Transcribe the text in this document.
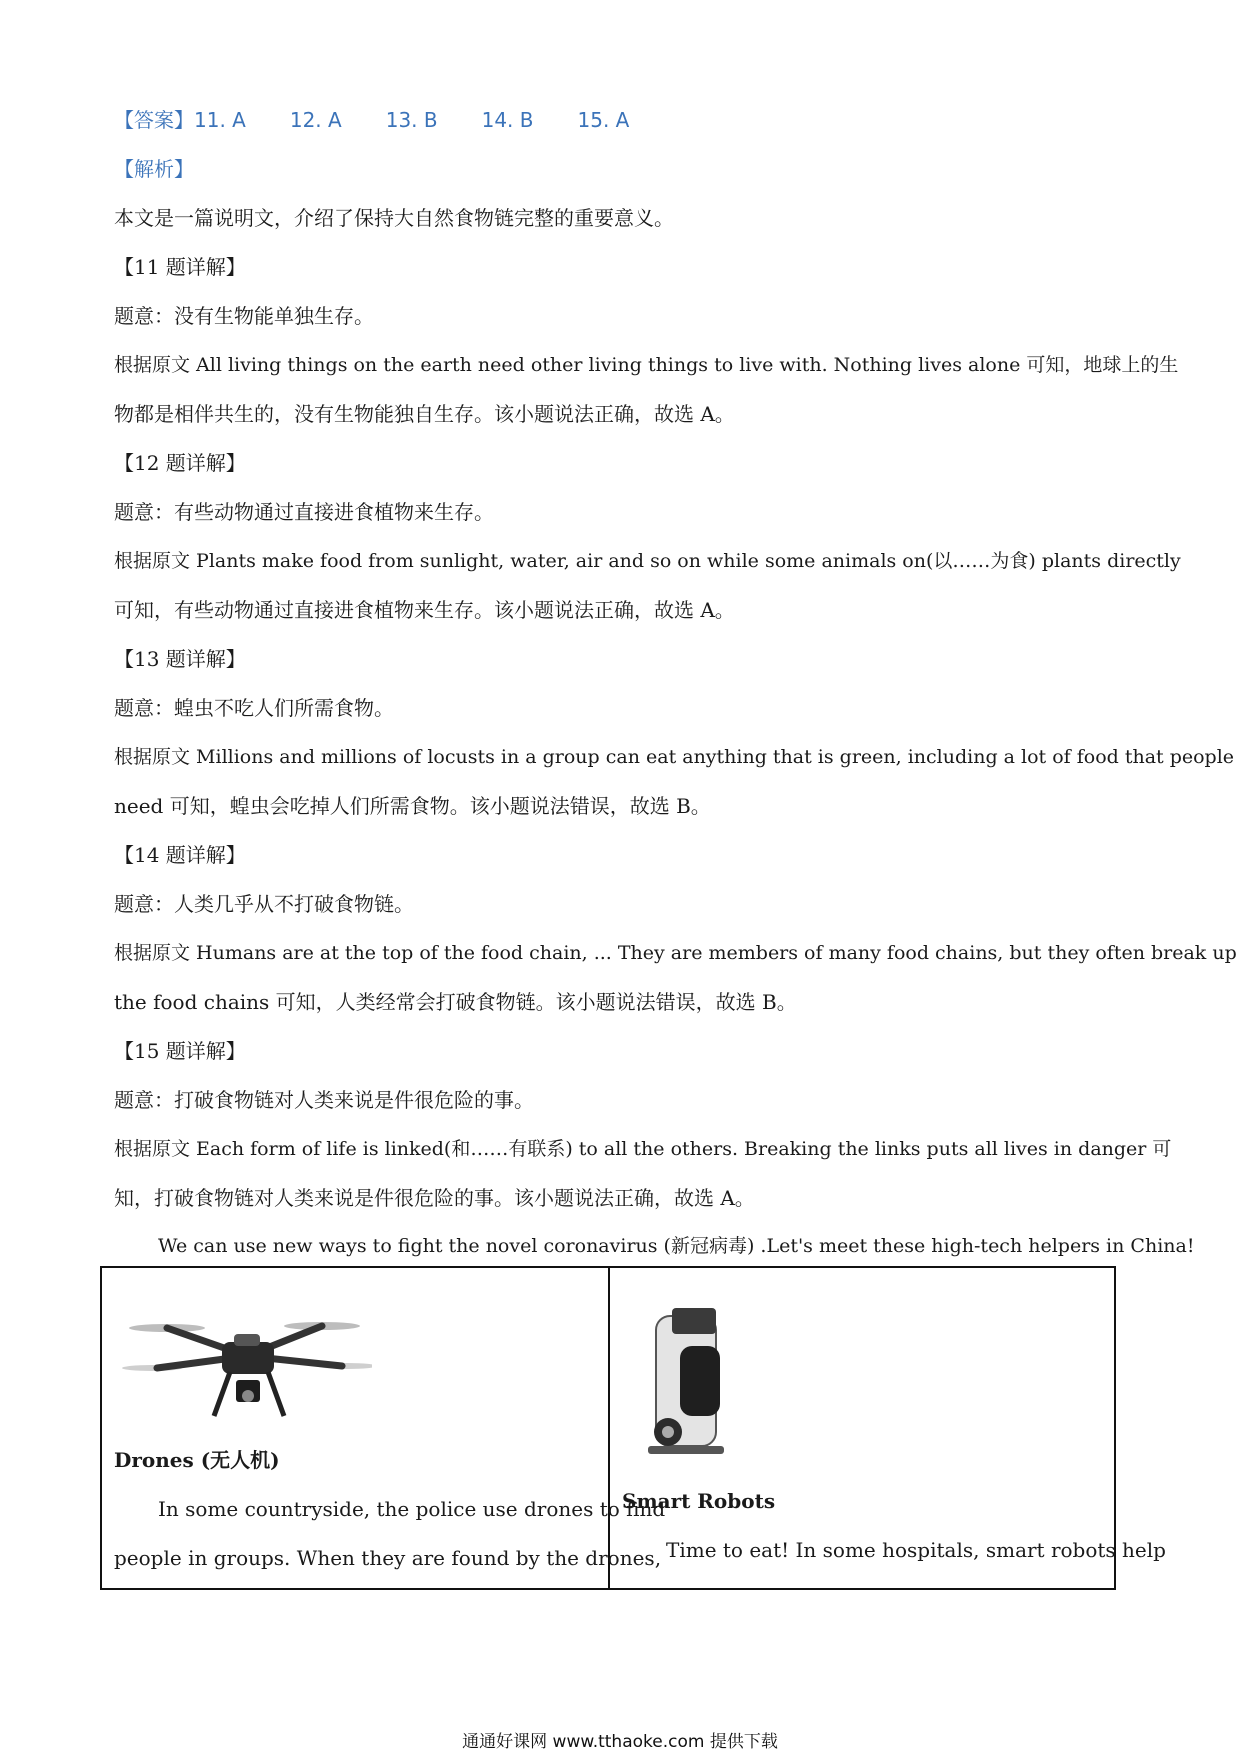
【答案】11. A 12. A 13. B 14. B 15. A
【解析】
本文是一篇说明文，介绍了保持大自然食物链完整的重要意义。
【11 题详解】
题意：没有生物能单独生存。
根据原文 All living things on the earth need other living things to live with. Nothing lives alone 可知，地球上的生
物都是相伴共生的，没有生物能独自生存。该小题说法正确，故选 A。
【12 题详解】
题意：有些动物通过直接进食植物来生存。
根据原文 Plants make food from sunlight, water, air and so on while some animals on(以……为食) plants directly
可知，有些动物通过直接进食植物来生存。该小题说法正确，故选 A。
【13 题详解】
题意：蝗虫不吃人们所需食物。
根据原文 Millions and millions of locusts in a group can eat anything that is green, including a lot of food that people
need 可知，蝗虫会吃掉人们所需食物。该小题说法错误，故选 B。
【14 题详解】
题意：人类几乎从不打破食物链。
根据原文 Humans are at the top of the food chain, ... They are members of many food chains, but they often break up
the food chains 可知，人类经常会打破食物链。该小题说法错误，故选 B。
【15 题详解】
题意：打破食物链对人类来说是件很危险的事。
根据原文 Each form of life is linked(和……有联系) to all the others. Breaking the links puts all lives in danger 可
知，打破食物链对人类来说是件很危险的事。该小题说法正确，故选 A。
We can use new ways to fight the novel coronavirus (新冠病毒) .Let's meet these high-tech helpers in China!
Drones (无人机)
In some countryside, the police use drones to find
people in groups. When they are found by the drones,
Smart Robots
Time to eat! In some hospitals, smart robots help
通通好课网 www.tthaoke.com 提供下载
